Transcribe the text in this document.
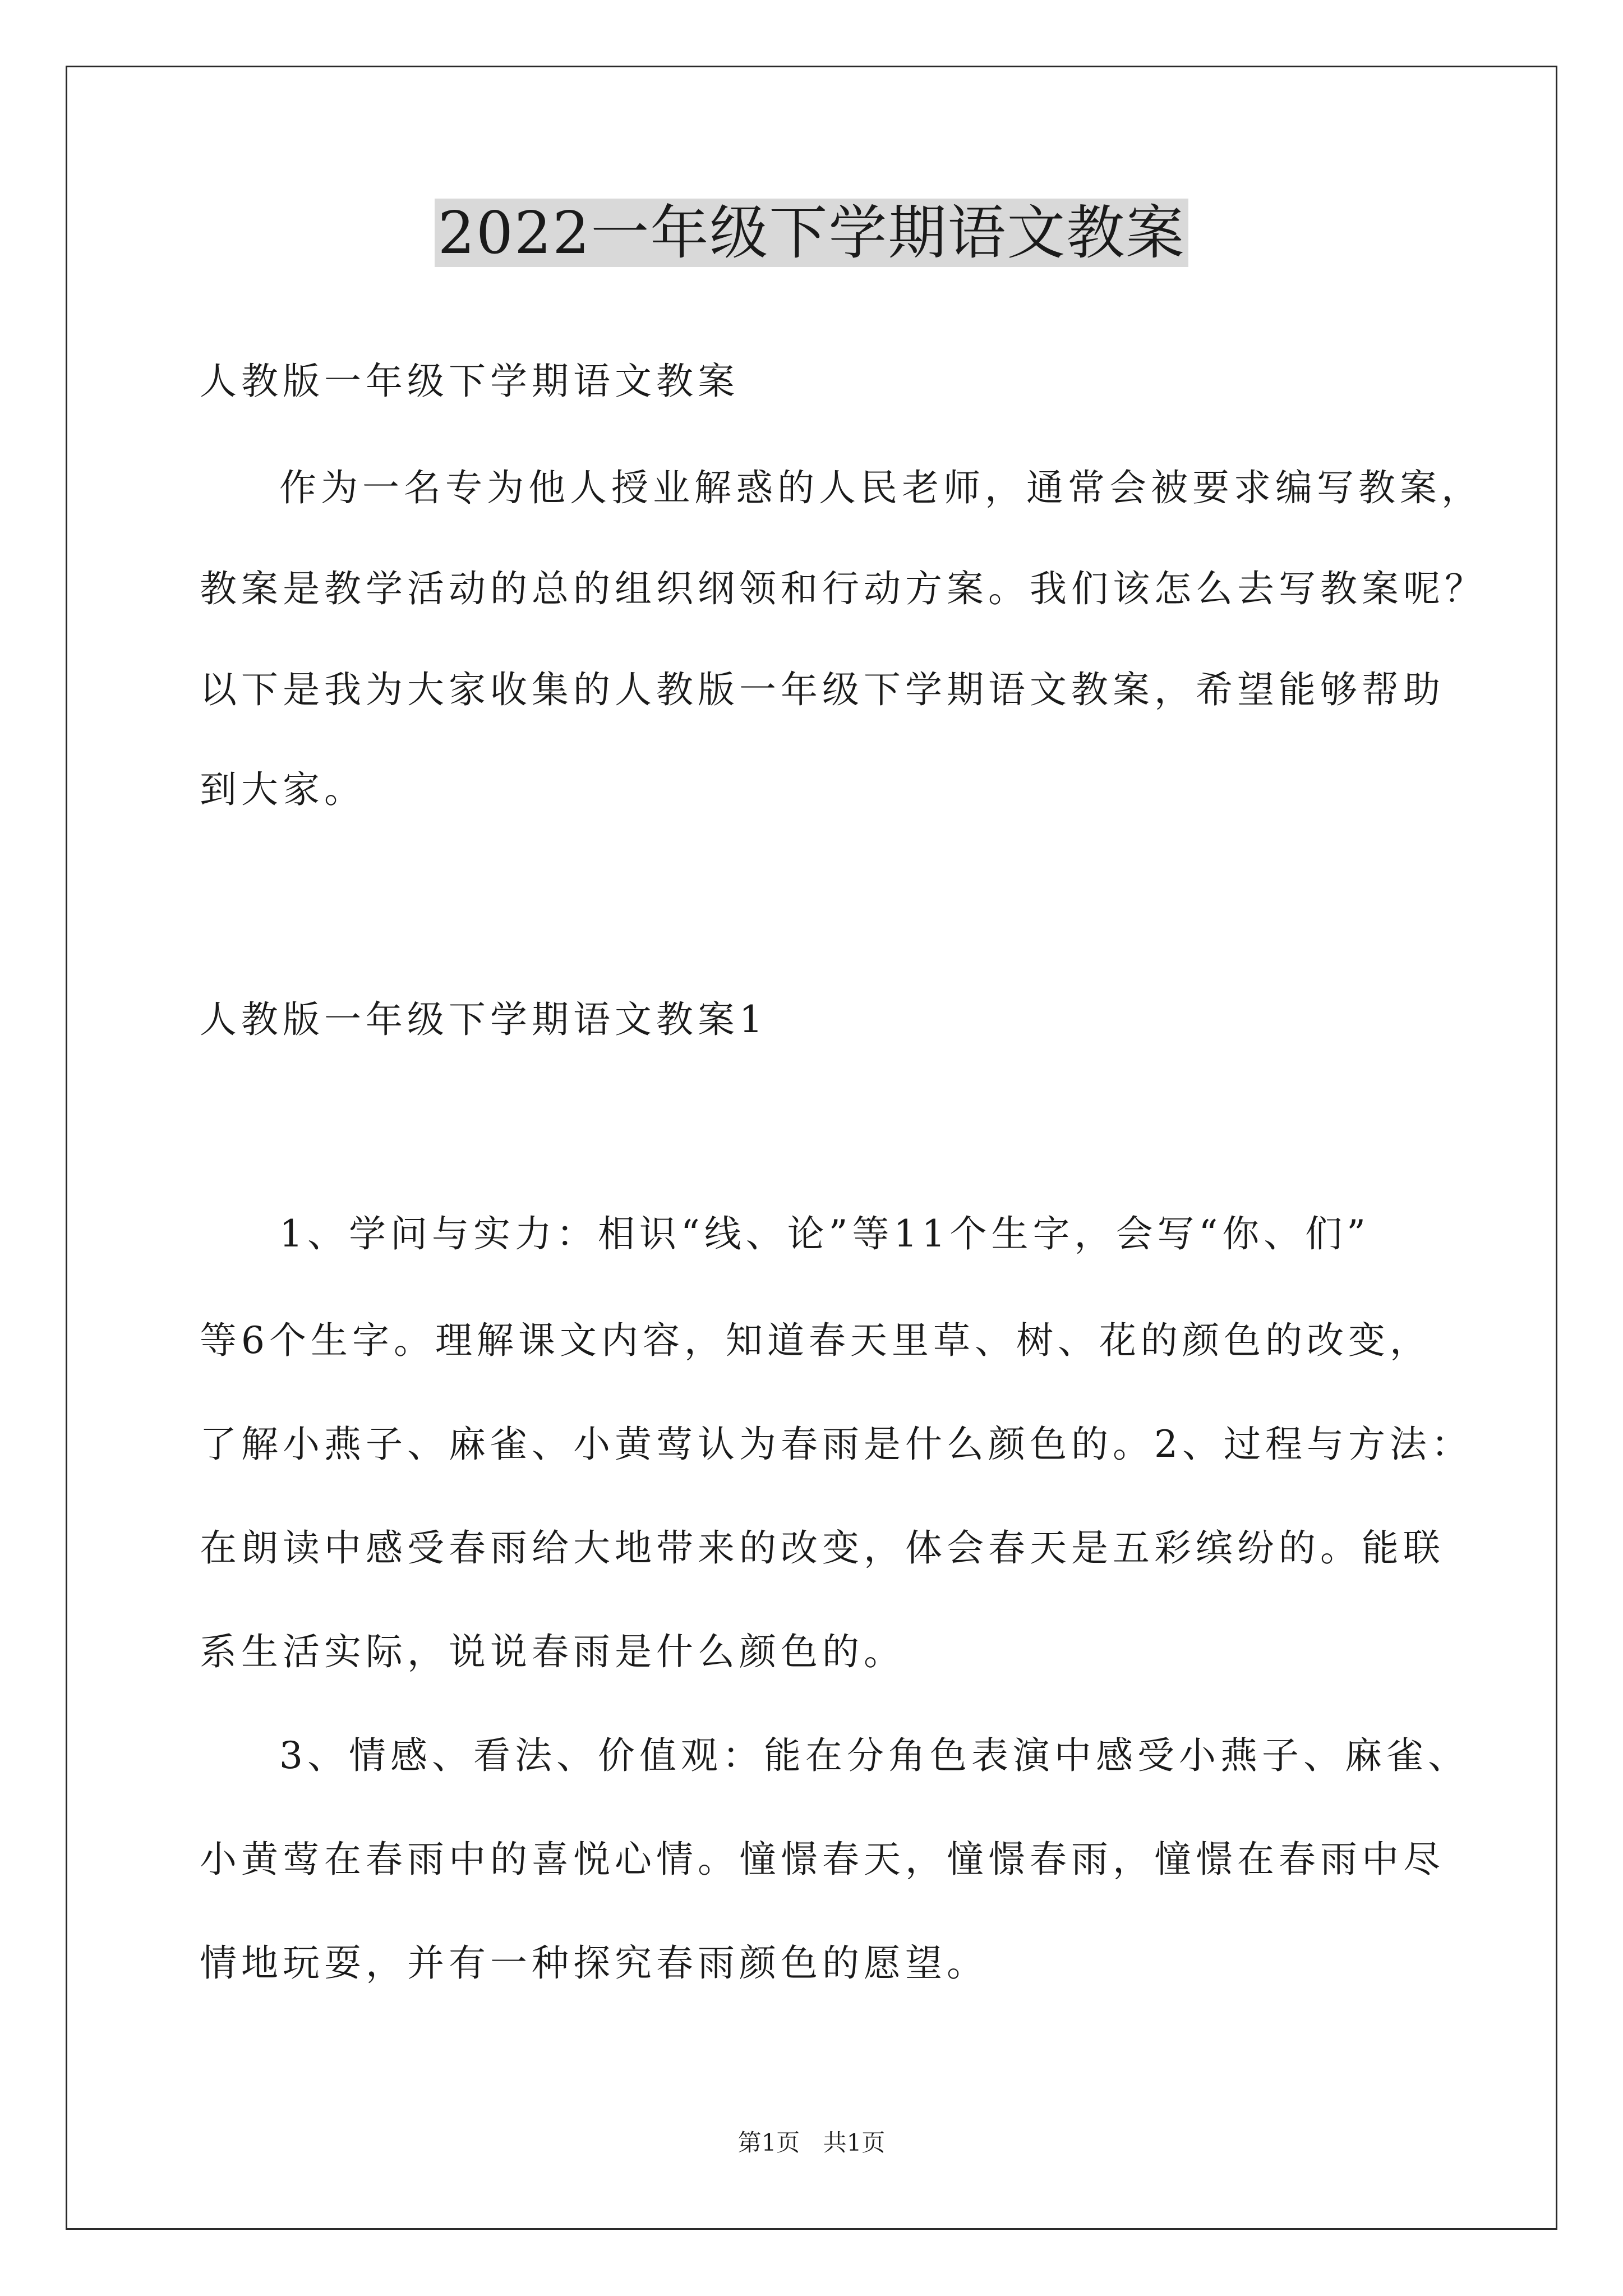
2022一年级下学期语文教案
人教版一年级下学期语文教案
作为一名专为他人授业解惑的人民老师，通常会被要求编写教案，
教案是教学活动的总的组织纲领和行动方案。我们该怎么去写教案呢？
以下是我为大家收集的人教版一年级下学期语文教案，希望能够帮助
到大家。
人教版一年级下学期语文教案1
1、学问与实力：相识“线、论”等11个生字，会写“你、们”
等6个生字。理解课文内容，知道春天里草、树、花的颜色的改变，
了解小燕子、麻雀、小黄莺认为春雨是什么颜色的。2、过程与方法：
在朗读中感受春雨给大地带来的改变，体会春天是五彩缤纷的。能联
系生活实际，说说春雨是什么颜色的。
3、情感、看法、价值观：能在分角色表演中感受小燕子、麻雀、
小黄莺在春雨中的喜悦心情。憧憬春天，憧憬春雨，憧憬在春雨中尽
情地玩耍，并有一种探究春雨颜色的愿望。
第1页 共1页
